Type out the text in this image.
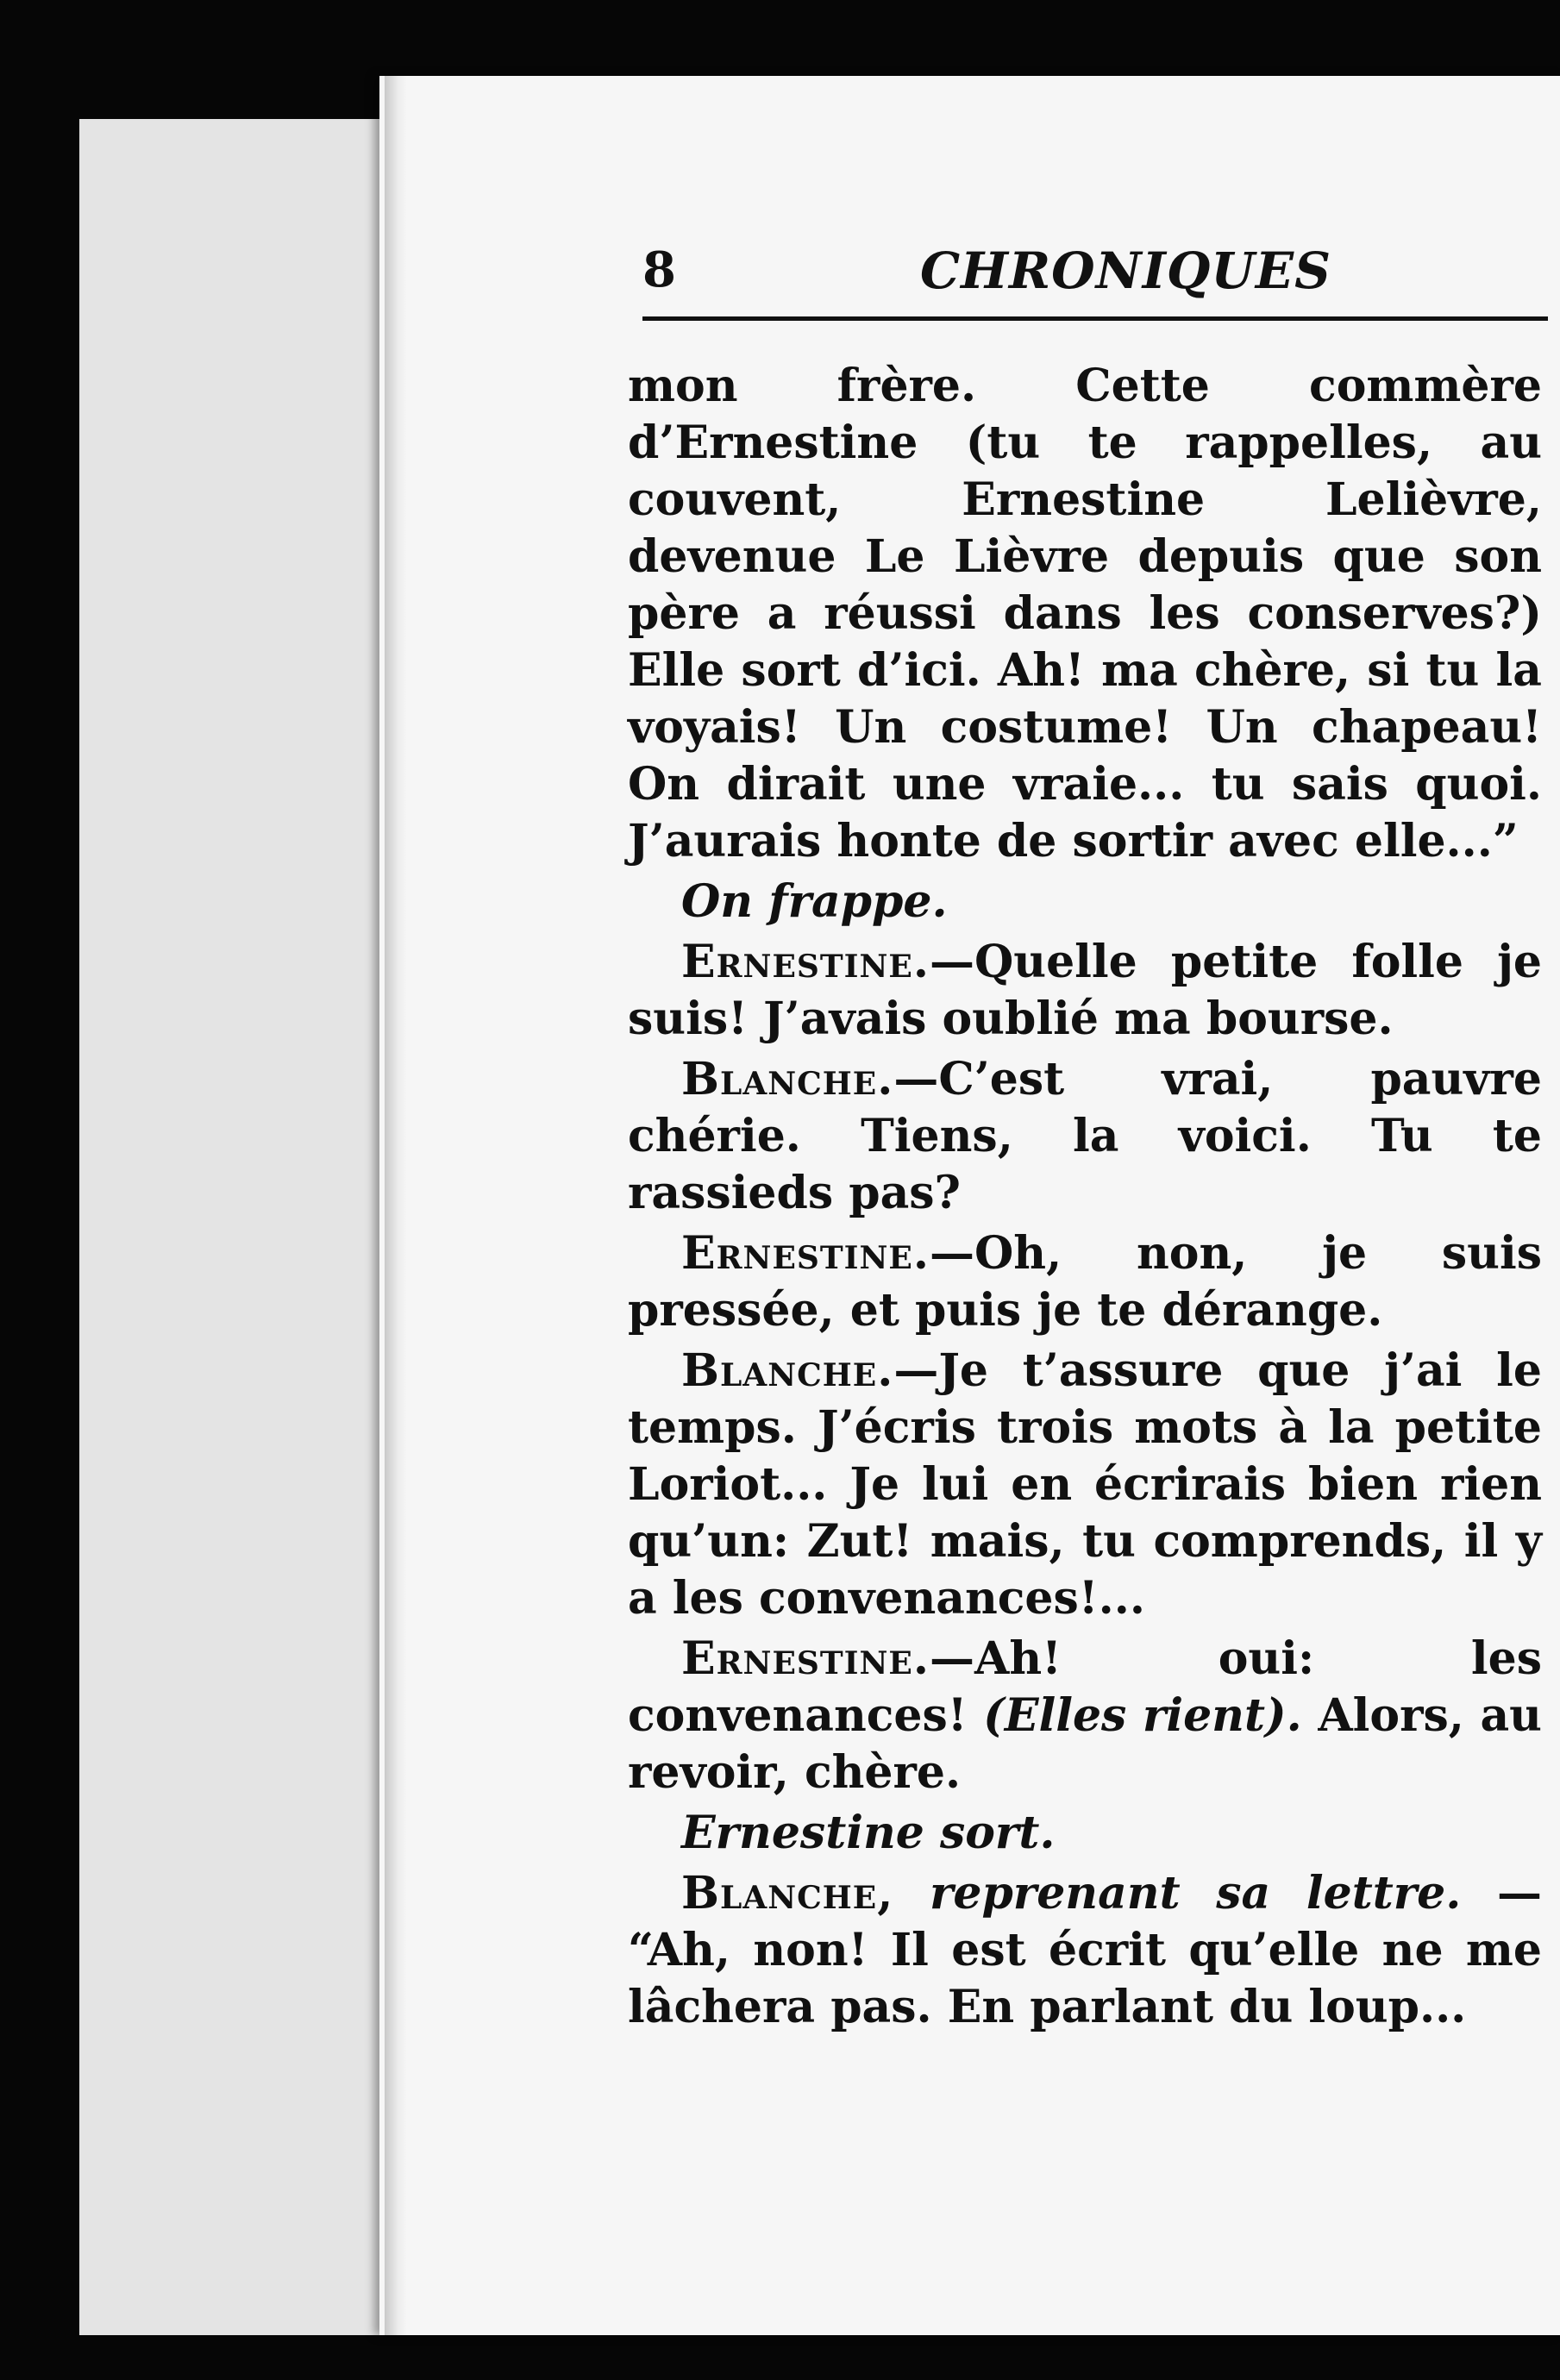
8	CHRONIQUES

mon frère. Cette commère d’Ernestine (tu te rappelles, au couvent, Ernestine Lelièvre, devenue Le Lièvre depuis que son père a réussi dans les conserves?) Elle sort d’ici. Ah! ma chère, si tu la voyais! Un costume! Un chapeau! On dirait une vraie... tu sais quoi. J’aurais honte de sortir avec elle...”

On frappe.

Ernestine.—Quelle petite folle je suis! J’avais oublié ma bourse.

Blanche.—C’est vrai, pauvre chérie. Tiens, la voici. Tu te rassieds pas?

Ernestine.—Oh, non, je suis pressée, et puis je te dérange.

Blanche.—Je t’assure que j’ai le temps. J’écris trois mots à la petite Loriot... Je lui en écrirais bien rien qu’un: Zut! mais, tu comprends, il y a les convenances!...

Ernestine.—Ah! oui: les convenances! (Elles rient). Alors, au revoir, chère.

Ernestine sort.

Blanche, reprenant sa lettre. — “Ah, non! Il est écrit qu’elle ne me lâchera pas. En parlant du loup...
